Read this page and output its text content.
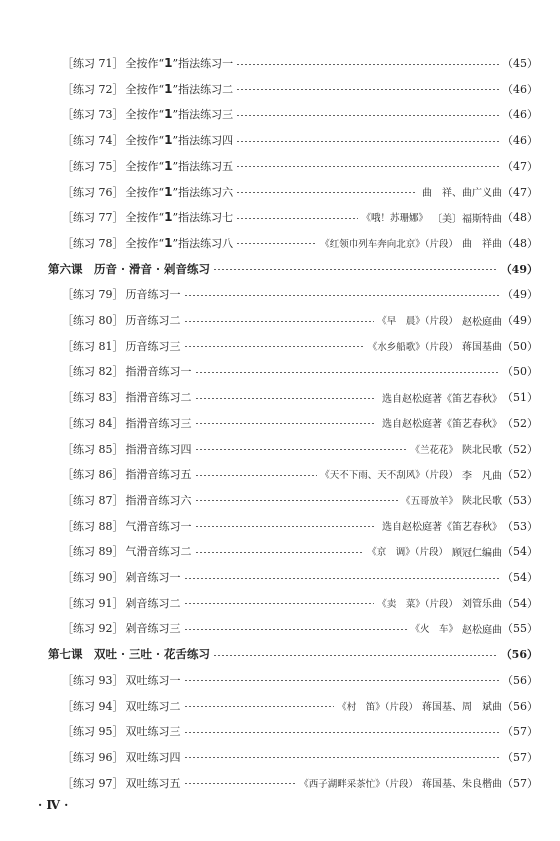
［练习 71］ 全按作“1”指法练习一	（45）
［练习 72］ 全按作“1”指法练习二	（46）
［练习 73］ 全按作“1”指法练习三	（46）
［练习 74］ 全按作“1”指法练习四	（46）
［练习 75］ 全按作“1”指法练习五	（47）
［练习 76］ 全按作“1”指法练习六	曲　祥、曲广义曲 （47）
［练习 77］ 全按作“1”指法练习七	《哦！苏珊娜》 〔美〕福斯特曲 （48）
［练习 78］ 全按作“1”指法练习八	《红领巾列车奔向北京》（片段） 曲　祥曲 （48）
第六课　历音 · 滑音 · 剁音练习	（49）
［练习 79］ 历音练习一	（49）
［练习 80］ 历音练习二	《早　晨》（片段） 赵松庭曲 （49）
［练习 81］ 历音练习三	《水乡船歌》（片段） 蒋国基曲 （50）
［练习 82］ 指滑音练习一	（50）
［练习 83］ 指滑音练习二	选自赵松庭著《笛艺春秋》 （51）
［练习 84］ 指滑音练习三	选自赵松庭著《笛艺春秋》 （52）
［练习 85］ 指滑音练习四	《兰花花》 陕北民歌 （52）
［练习 86］ 指滑音练习五	《天不下雨、天不刮风》（片段） 李　凡曲 （52）
［练习 87］ 指滑音练习六	《五哥放羊》 陕北民歌 （53）
［练习 88］ 气滑音练习一	选自赵松庭著《笛艺春秋》 （53）
［练习 89］ 气滑音练习二	《京　调》（片段） 顾冠仁编曲 （54）
［练习 90］ 剁音练习一	（54）
［练习 91］ 剁音练习二	《卖　菜》（片段） 刘管乐曲 （54）
［练习 92］ 剁音练习三	《火　车》 赵松庭曲 （55）
第七课　双吐 · 三吐 · 花舌练习	（56）
［练习 93］ 双吐练习一	（56）
［练习 94］ 双吐练习二	《村　笛》（片段） 蒋国基、周　斌曲 （56）
［练习 95］ 双吐练习三	（57）
［练习 96］ 双吐练习四	（57）
［练习 97］ 双吐练习五	《西子湖畔采茶忙》（片段） 蒋国基、朱良楷曲 （57）
· Ⅳ ·
